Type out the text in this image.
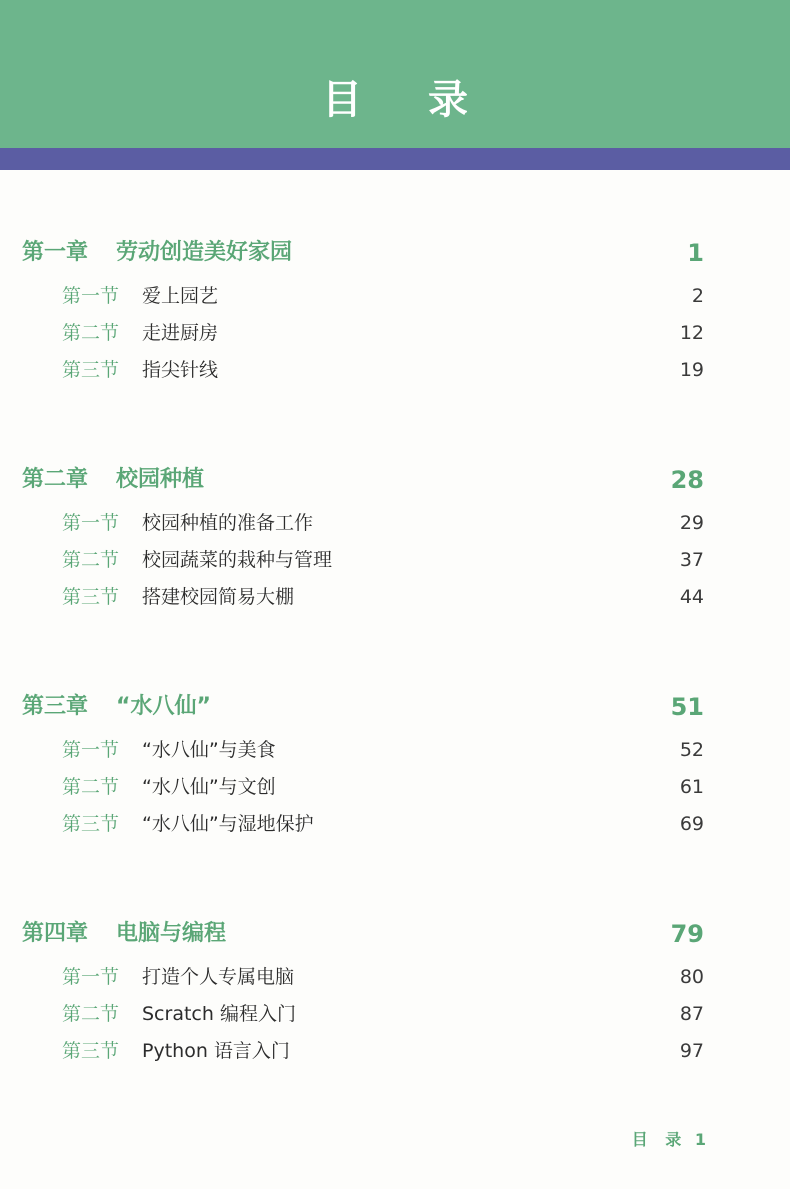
目 录
第一章 劳动创造美好家园	1
第一节 爱上园艺	2
第二节 走进厨房	12
第三节 指尖针线	19
第二章 校园种植	28
第一节 校园种植的准备工作	29
第二节 校园蔬菜的栽种与管理	37
第三节 搭建校园简易大棚	44
第三章 “水八仙”	51
第一节 “水八仙”与美食	52
第二节 “水八仙”与文创	61
第三节 “水八仙”与湿地保护	69
第四章 电脑与编程	79
第一节 打造个人专属电脑	80
第二节 Scratch 编程入门	87
第三节 Python 语言入门	97
目 录 1
